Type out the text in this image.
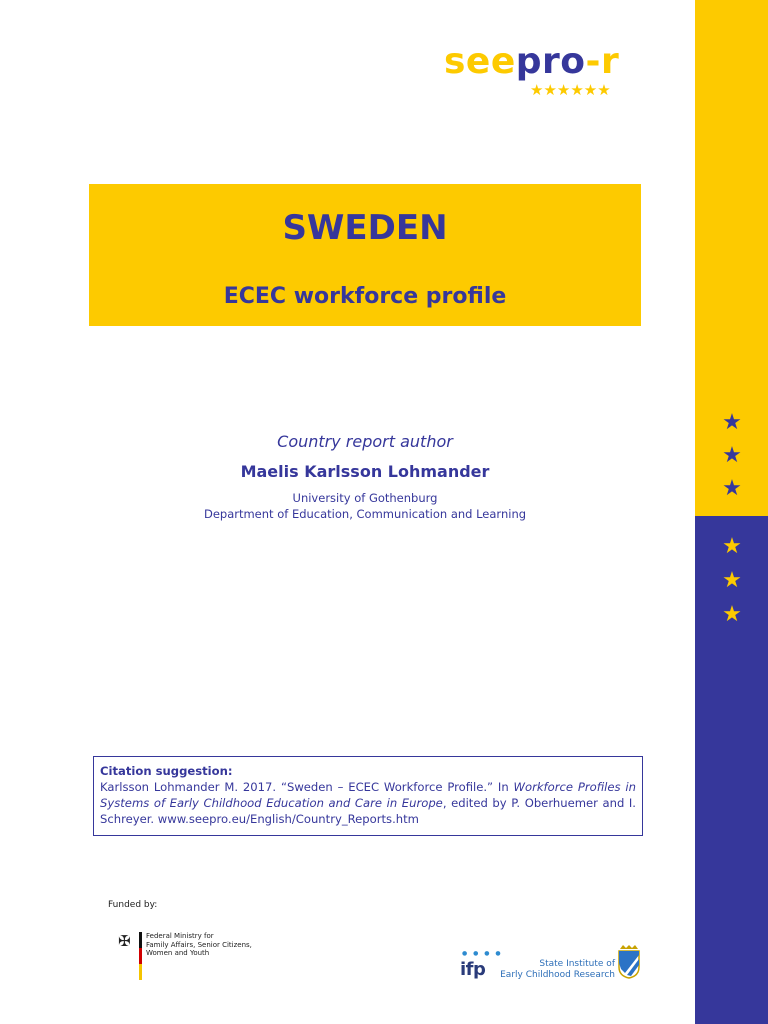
★
★
★
★
★
★
seepro-r
★★★★★★
SWEDEN
ECEC workforce profile
Country report author
Maelis Karlsson Lohmander
University of Gothenburg
Department of Education, Communication and Learning
Citation suggestion:
Karlsson Lohmander M. 2017. “Sweden – ECEC Workforce Profile.” In Workforce Profiles in Systems of Early Childhood Education and Care in Europe, edited by P. Oberhuemer and I. Schreyer. www.seepro.eu/English/Country_Reports.htm
Funded by:
✠ Federal Ministry for
Family Affairs, Senior Citizens,
Women and Youth	● ● ● ●
ifp	State Institute of
Early Childhood Research
